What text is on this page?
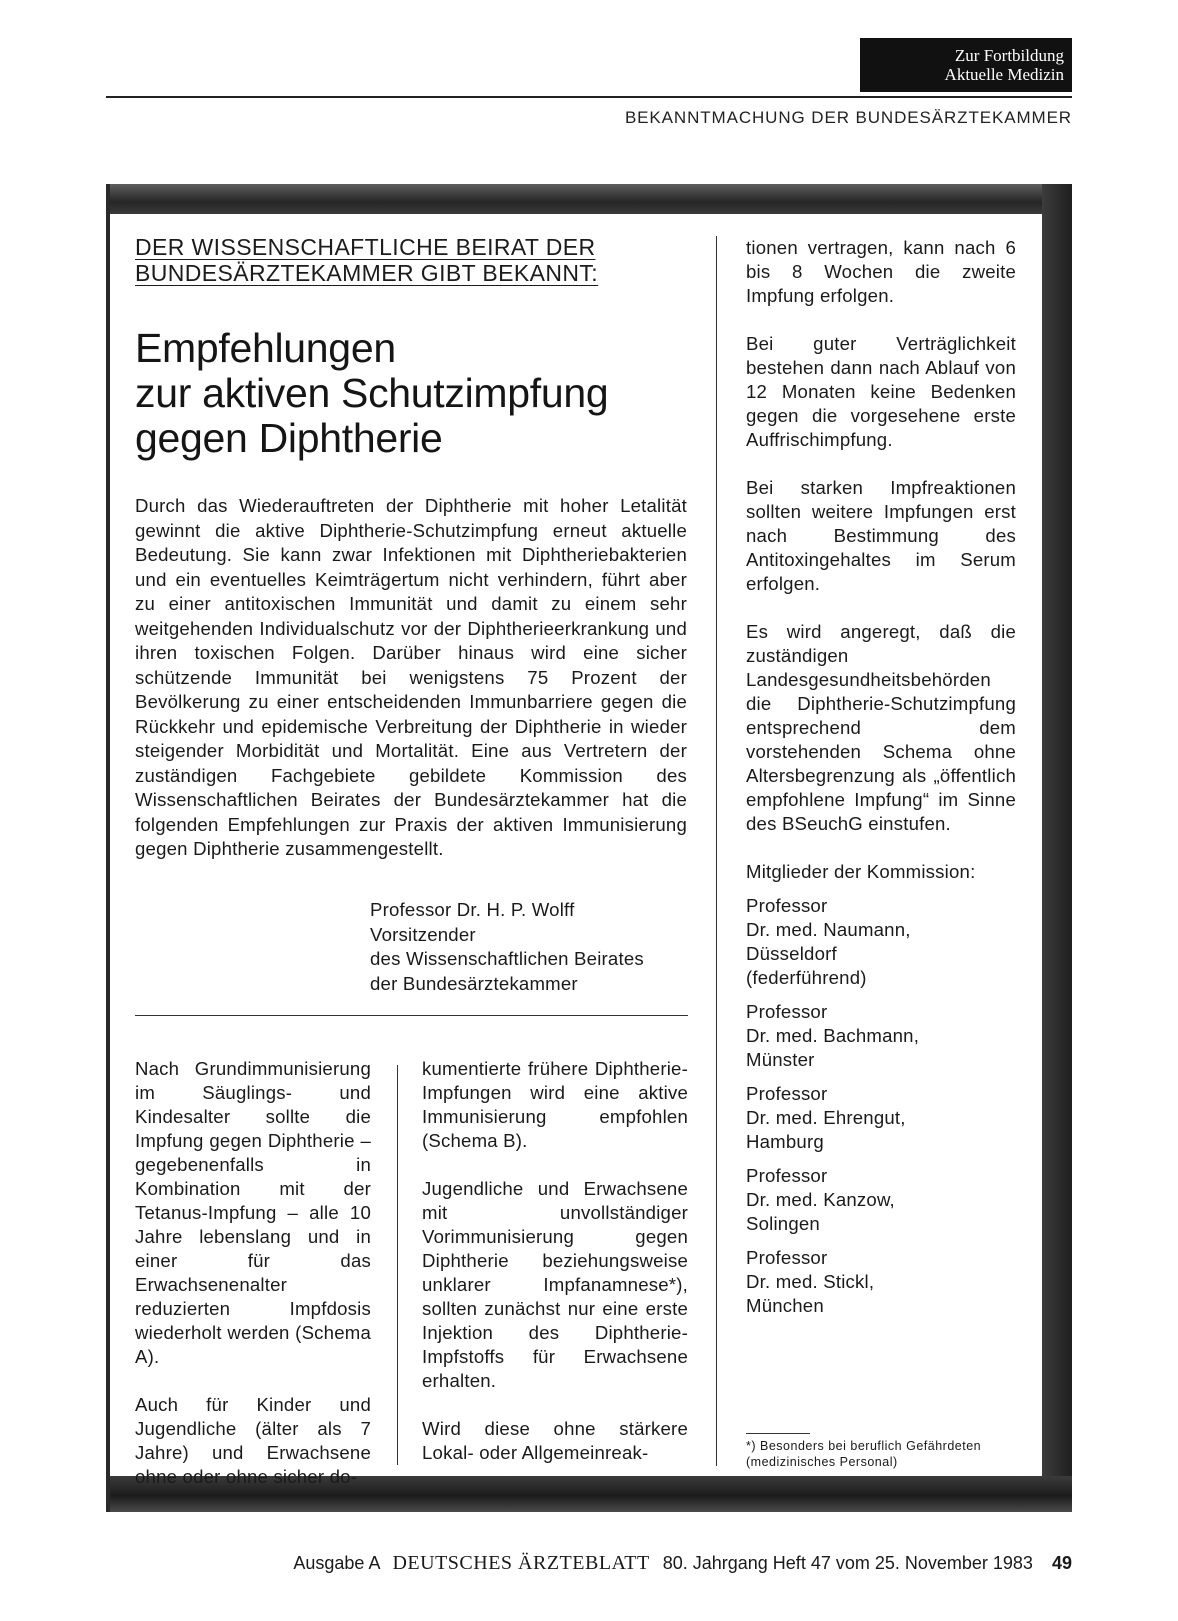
Zur Fortbildung
Aktuelle Medizin
BEKANNTMACHUNG DER BUNDESÄRZTEKAMMER
DER WISSENSCHAFTLICHE BEIRAT DER
BUNDESÄRZTEKAMMER GIBT BEKANNT:
Empfehlungen
zur aktiven Schutzimpfung
gegen Diphtherie
Durch das Wiederauftreten der Diphtherie mit hoher Letalität gewinnt die aktive Diphtherie-Schutzimpfung erneut aktuelle Bedeutung. Sie kann zwar Infektionen mit Diphtheriebakterien und ein eventuelles Keimträgertum nicht verhindern, führt aber zu einer antitoxischen Immunität und damit zu einem sehr weitgehenden Individualschutz vor der Diphtherieerkrankung und ihren toxischen Folgen. Darüber hinaus wird eine sicher schützende Immunität bei wenigstens 75 Prozent der Bevölkerung zu einer entscheidenden Immunbarriere gegen die Rückkehr und epidemische Verbreitung der Diphtherie in wieder steigender Morbidität und Mortalität. Eine aus Vertretern der zuständigen Fachgebiete gebildete Kommission des Wissenschaftlichen Beirates der Bundesärztekammer hat die folgenden Empfehlungen zur Praxis der aktiven Immunisierung gegen Diphtherie zusammengestellt.
Professor Dr. H. P. Wolff
Vorsitzender
des Wissenschaftlichen Beirates
der Bundesärztekammer

Nach Grundimmunisierung im Säuglings- und Kindesalter sollte die Impfung gegen Diphtherie – gegebenenfalls in Kombination mit der Tetanus-Impfung – alle 10 Jahre lebenslang und in einer für das Erwachsenenalter reduzierten Impfdosis wiederholt werden (Schema A).

Auch für Kinder und Jugendliche (älter als 7 Jahre) und Erwachsene ohne oder ohne sicher do-

kumentierte frühere Diphtherie-Impfungen wird eine aktive Immunisierung empfohlen (Schema B).

Jugendliche und Erwachsene mit unvollständiger Vorimmunisierung gegen Diphtherie beziehungsweise unklarer Impfanamnese*), sollten zunächst nur eine erste Injektion des Diphtherie-Impfstoffs für Erwachsene erhalten.

Wird diese ohne stärkere Lokal- oder Allgemeinreak-

tionen vertragen, kann nach 6 bis 8 Wochen die zweite Impfung erfolgen.

Bei guter Verträglichkeit bestehen dann nach Ablauf von 12 Monaten keine Bedenken gegen die vorgesehene erste Auffrischimpfung.

Bei starken Impfreaktionen sollten weitere Impfungen erst nach Bestimmung des Antitoxingehaltes im Serum erfolgen.

Es wird angeregt, daß die zuständigen Landesgesundheitsbehörden die Diphtherie-Schutzimpfung entsprechend dem vorstehenden Schema ohne Altersbegrenzung als „öffentlich empfohlene Impfung“ im Sinne des BSeuchG einstufen.

Mitglieder der Kommission:
Professor
Dr. med. Naumann,
Düsseldorf
(federführend)
Professor
Dr. med. Bachmann,
Münster
Professor
Dr. med. Ehrengut,
Hamburg
Professor
Dr. med. Kanzow,
Solingen
Professor
Dr. med. Stickl,
München
*) Besonders bei beruflich Gefährdeten (medizinisches Personal)
Ausgabe A DEUTSCHES ÄRZTEBLATT 80. Jahrgang Heft 47 vom 25. November 1983 49
